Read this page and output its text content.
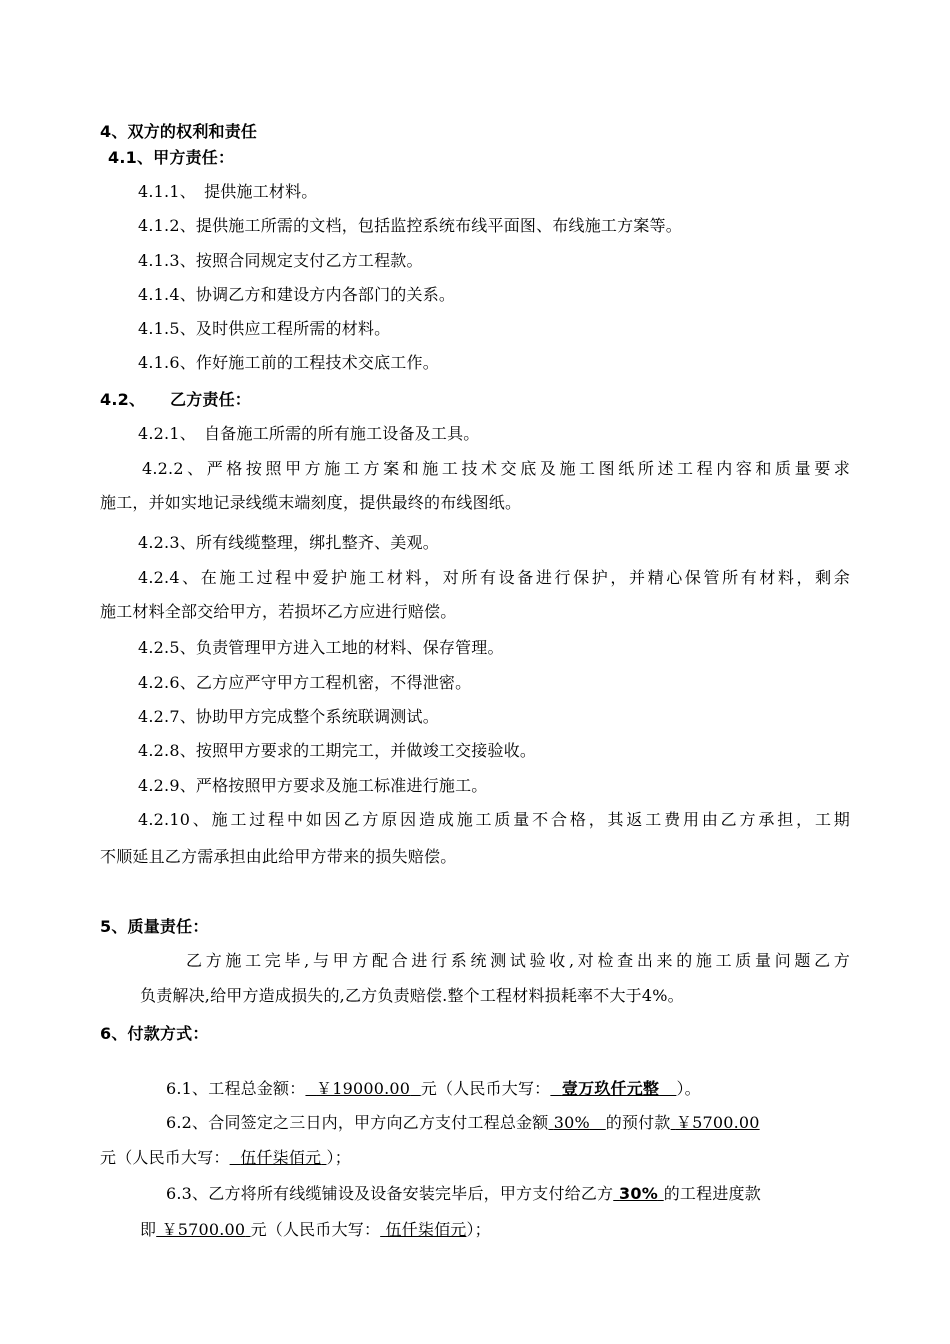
4、双方的权利和责任
4.1、甲方责任：
4.1.1、　提供施工材料。
4.1.2、提供施工所需的文档，包括监控系统布线平面图、布线施工方案等。
4.1.3、按照合同规定支付乙方工程款。
4.1.4、协调乙方和建设方内各部门的关系。
4.1.5、及时供应工程所需的材料。
4.1.6、作好施工前的工程技术交底工作。
4.2、 乙方责任：
4.2.1、　自备施工所需的所有施工设备及工具。
4.2.2、严格按照甲方施工方案和施工技术交底及施工图纸所述工程内容和质量要求
施工，并如实地记录线缆末端刻度，提供最终的布线图纸。
4.2.3、所有线缆整理，绑扎整齐、美观。
4.2.4、在施工过程中爱护施工材料，对所有设备进行保护，并精心保管所有材料，剩余
施工材料全部交给甲方，若损坏乙方应进行赔偿。
4.2.5、负责管理甲方进入工地的材料、保存管理。
4.2.6、乙方应严守甲方工程机密，不得泄密。
4.2.7、协助甲方完成整个系统联调测试。
4.2.8、按照甲方要求的工期完工，并做竣工交接验收。
4.2.9、严格按照甲方要求及施工标准进行施工。
4.2.10、施工过程中如因乙方原因造成施工质量不合格，其返工费用由乙方承担，工期
不顺延且乙方需承担由此给甲方带来的损失赔偿。
5、质量责任：
乙方施工完毕,与甲方配合进行系统测试验收,对检查出来的施工质量问题乙方
负责解决,给甲方造成损失的,乙方负责赔偿.整个工程材料损耗率不大于4%。
6、付款方式：
6.1、工程总金额： ￥19000.00 元（人民币大写： 壹万玖仟元整 ）。
6.2、合同签定之三日内，甲方向乙方支付工程总金额 30% 的预付款 ￥5700.00
元（人民币大写： 伍仟柒佰元 ）；
6.3、乙方将所有线缆铺设及设备安装完毕后，甲方支付给乙方 30% 的工程进度款
即 ￥5700.00 元（人民币大写： 伍仟柒佰元）；
